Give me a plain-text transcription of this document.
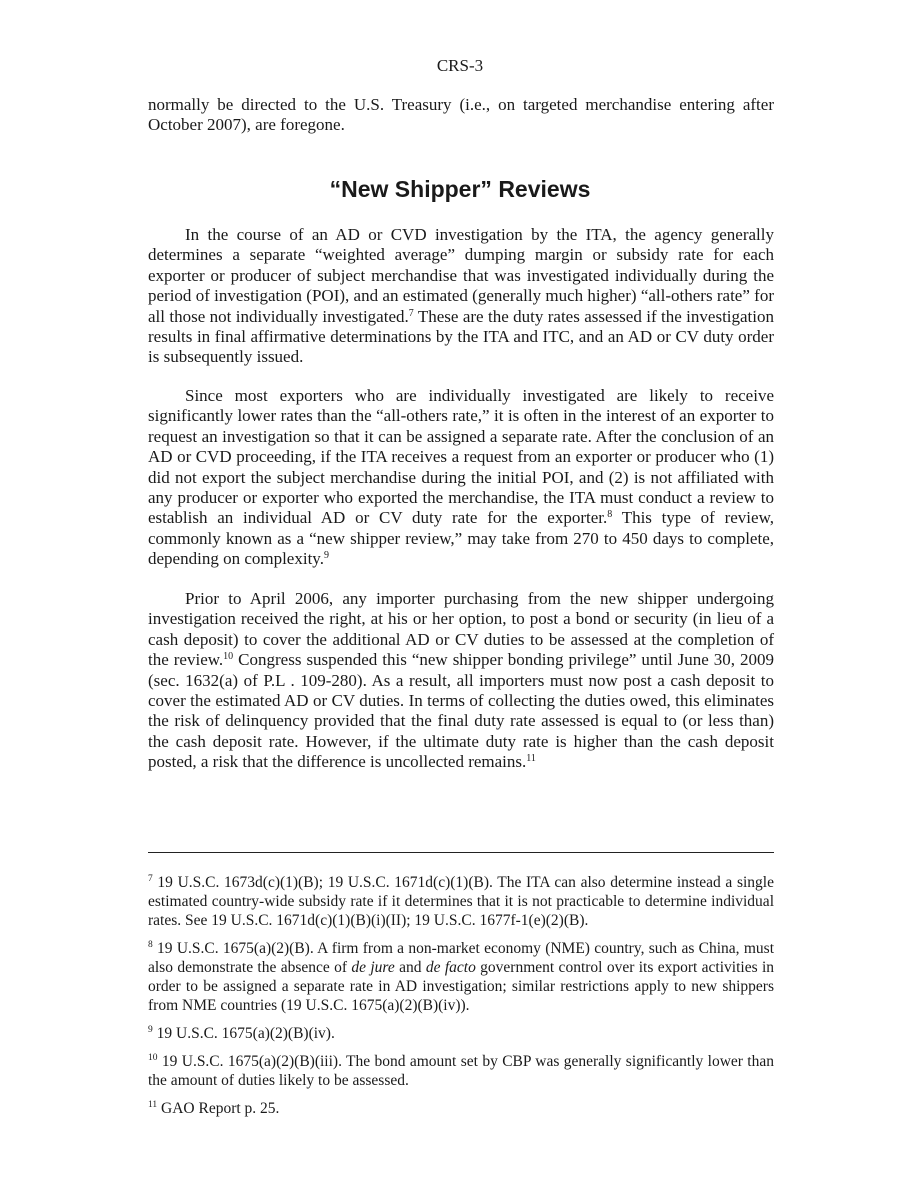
CRS-3

normally be directed to the U.S. Treasury (i.e., on targeted merchandise entering after October 2007), are foregone.

“New Shipper” Reviews

In the course of an AD or CVD investigation by the ITA, the agency generally determines a separate “weighted average” dumping margin or subsidy rate for each exporter or producer of subject merchandise that was investigated individually during the period of investigation (POI), and an estimated (generally much higher) “all-others rate” for all those not individually investigated.$^7$ These are the duty rates assessed if the investigation results in final affirmative determinations by the ITA and ITC, and an AD or CV duty order is subsequently issued.

Since most exporters who are individually investigated are likely to receive significantly lower rates than the “all-others rate,” it is often in the interest of an exporter to request an investigation so that it can be assigned a separate rate. After the conclusion of an AD or CVD proceeding, if the ITA receives a request from an exporter or producer who (1) did not export the subject merchandise during the initial POI, and (2) is not affiliated with any producer or exporter who exported the merchandise, the ITA must conduct a review to establish an individual AD or CV duty rate for the exporter.$^8$ This type of review, commonly known as a “new shipper review,” may take from 270 to 450 days to complete, depending on complexity.$^9$

Prior to April 2006, any importer purchasing from the new shipper undergoing investigation received the right, at his or her option, to post a bond or security (in lieu of a cash deposit) to cover the additional AD or CV duties to be assessed at the completion of the review.$^{10}$ Congress suspended this “new shipper bonding privilege” until June 30, 2009 (sec. 1632(a) of P.L . 109-280). As a result, all importers must now post a cash deposit to cover the estimated AD or CV duties. In terms of collecting the duties owed, this eliminates the risk of delinquency provided that the final duty rate assessed is equal to (or less than) the cash deposit rate. However, if the ultimate duty rate is higher than the cash deposit posted, a risk that the difference is uncollected remains.$^{11}$

$^7$ 19 U.S.C. 1673d(c)(1)(B); 19 U.S.C. 1671d(c)(1)(B). The ITA can also determine instead a single estimated country-wide subsidy rate if it determines that it is not practicable to determine individual rates. See 19 U.S.C. 1671d(c)(1)(B)(i)(II); 19 U.S.C. 1677f-1(e)(2)(B).

$^8$ 19 U.S.C. 1675(a)(2)(B). A firm from a non-market economy (NME) country, such as China, must also demonstrate the absence of de jure and de facto government control over its export activities in order to be assigned a separate rate in AD investigation; similar restrictions apply to new shippers from NME countries (19 U.S.C. 1675(a)(2)(B)(iv)).

$^9$ 19 U.S.C. 1675(a)(2)(B)(iv).

$^{10}$ 19 U.S.C. 1675(a)(2)(B)(iii). The bond amount set by CBP was generally significantly lower than the amount of duties likely to be assessed.

$^{11}$ GAO Report p. 25.
